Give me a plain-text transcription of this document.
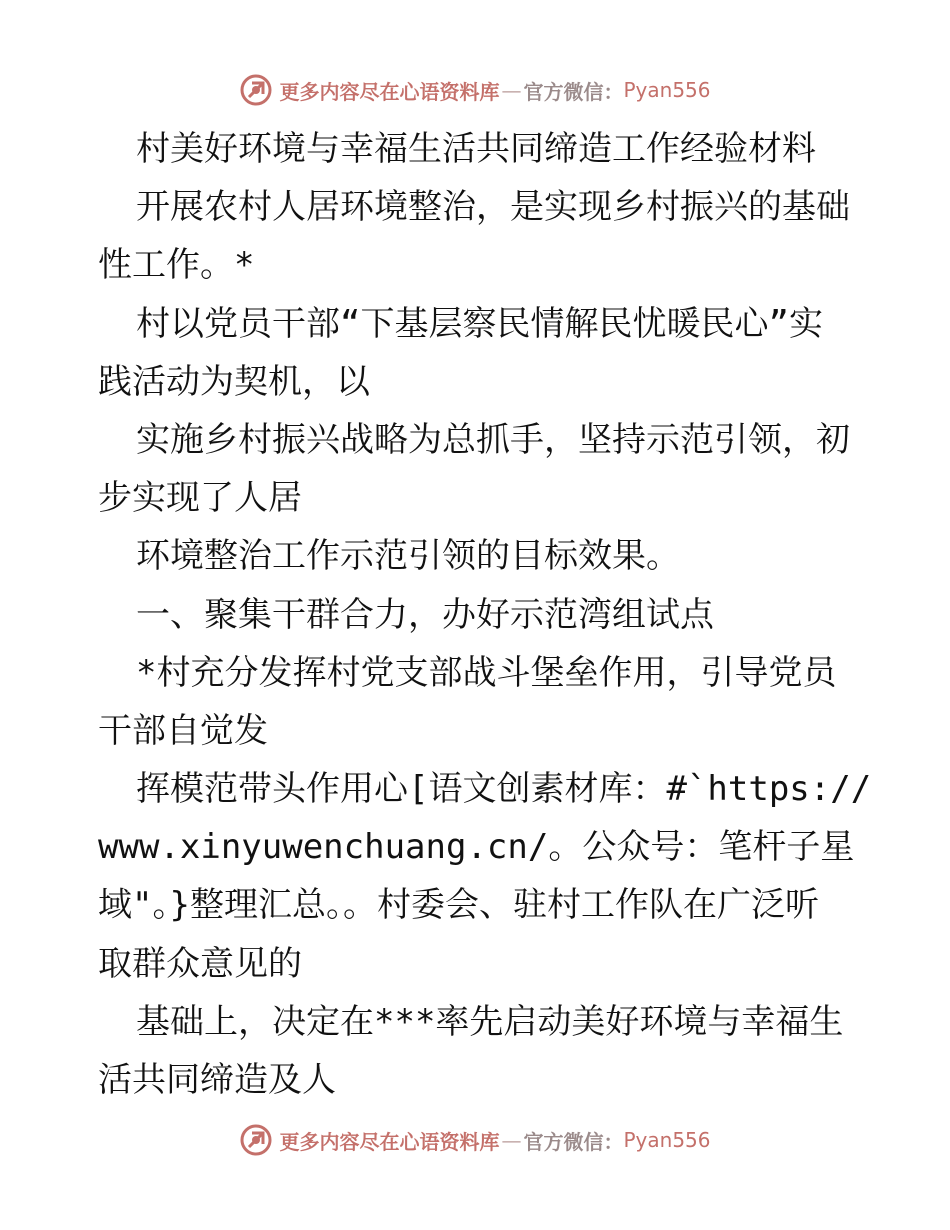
更多内容尽在心语资料库 — 官方微信： Pyan556
村美好环境与幸福生活共同缔造工作经验材料
开展农村人居环境整治，是实现乡村振兴的基础
性工作。*
村以党员干部“下基层察民情解民忧暖民心”实
践活动为契机，以
实施乡村振兴战略为总抓手，坚持示范引领，初
步实现了人居
环境整治工作示范引领的目标效果。
一、聚集干群合力，办好示范湾组试点
*村充分发挥村党支部战斗堡垒作用，引导党员
干部自觉发
挥模范带头作用心[语文创素材库：#`https://
www.xinyuwenchuang.cn/。公众号：笔杆子星
域"。}整理汇总。。村委会、驻村工作队在广泛听
取群众意见的
基础上，决定在***率先启动美好环境与幸福生
活共同缔造及人
更多内容尽在心语资料库 — 官方微信： Pyan556
